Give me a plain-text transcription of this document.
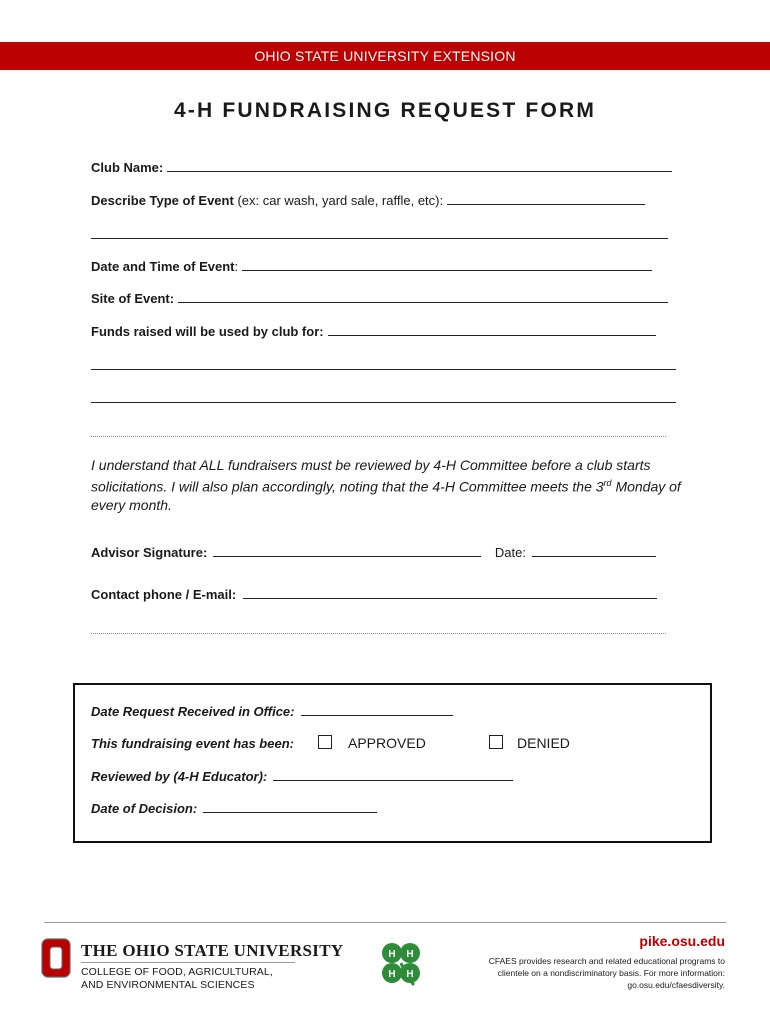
OHIO STATE UNIVERSITY EXTENSION
4-H FUNDRAISING REQUEST FORM
Club Name:
Describe Type of Event (ex: car wash, yard sale, raffle, etc):
Date and Time of Event:
Site of Event:
Funds raised will be used by club for:
I understand that ALL fundraisers must be reviewed by 4-H Committee before a club starts solicitations. I will also plan accordingly, noting that the 4-H Committee meets the 3rd Monday of every month.
Advisor Signature:	Date:
Contact phone / E-mail:
Date Request Received in Office:
This fundraising event has been:	APPROVED	DENIED
Reviewed by (4-H Educator):
Date of Decision:
O
THE OHIO STATE UNIVERSITY
COLLEGE OF FOOD, AGRICULTURAL,
AND ENVIRONMENTAL SCIENCES
H H
H H
pike.osu.edu
CFAES provides research and related educational programs to clientele on a nondiscriminatory basis. For more information: go.osu.edu/cfaesdiversity.
